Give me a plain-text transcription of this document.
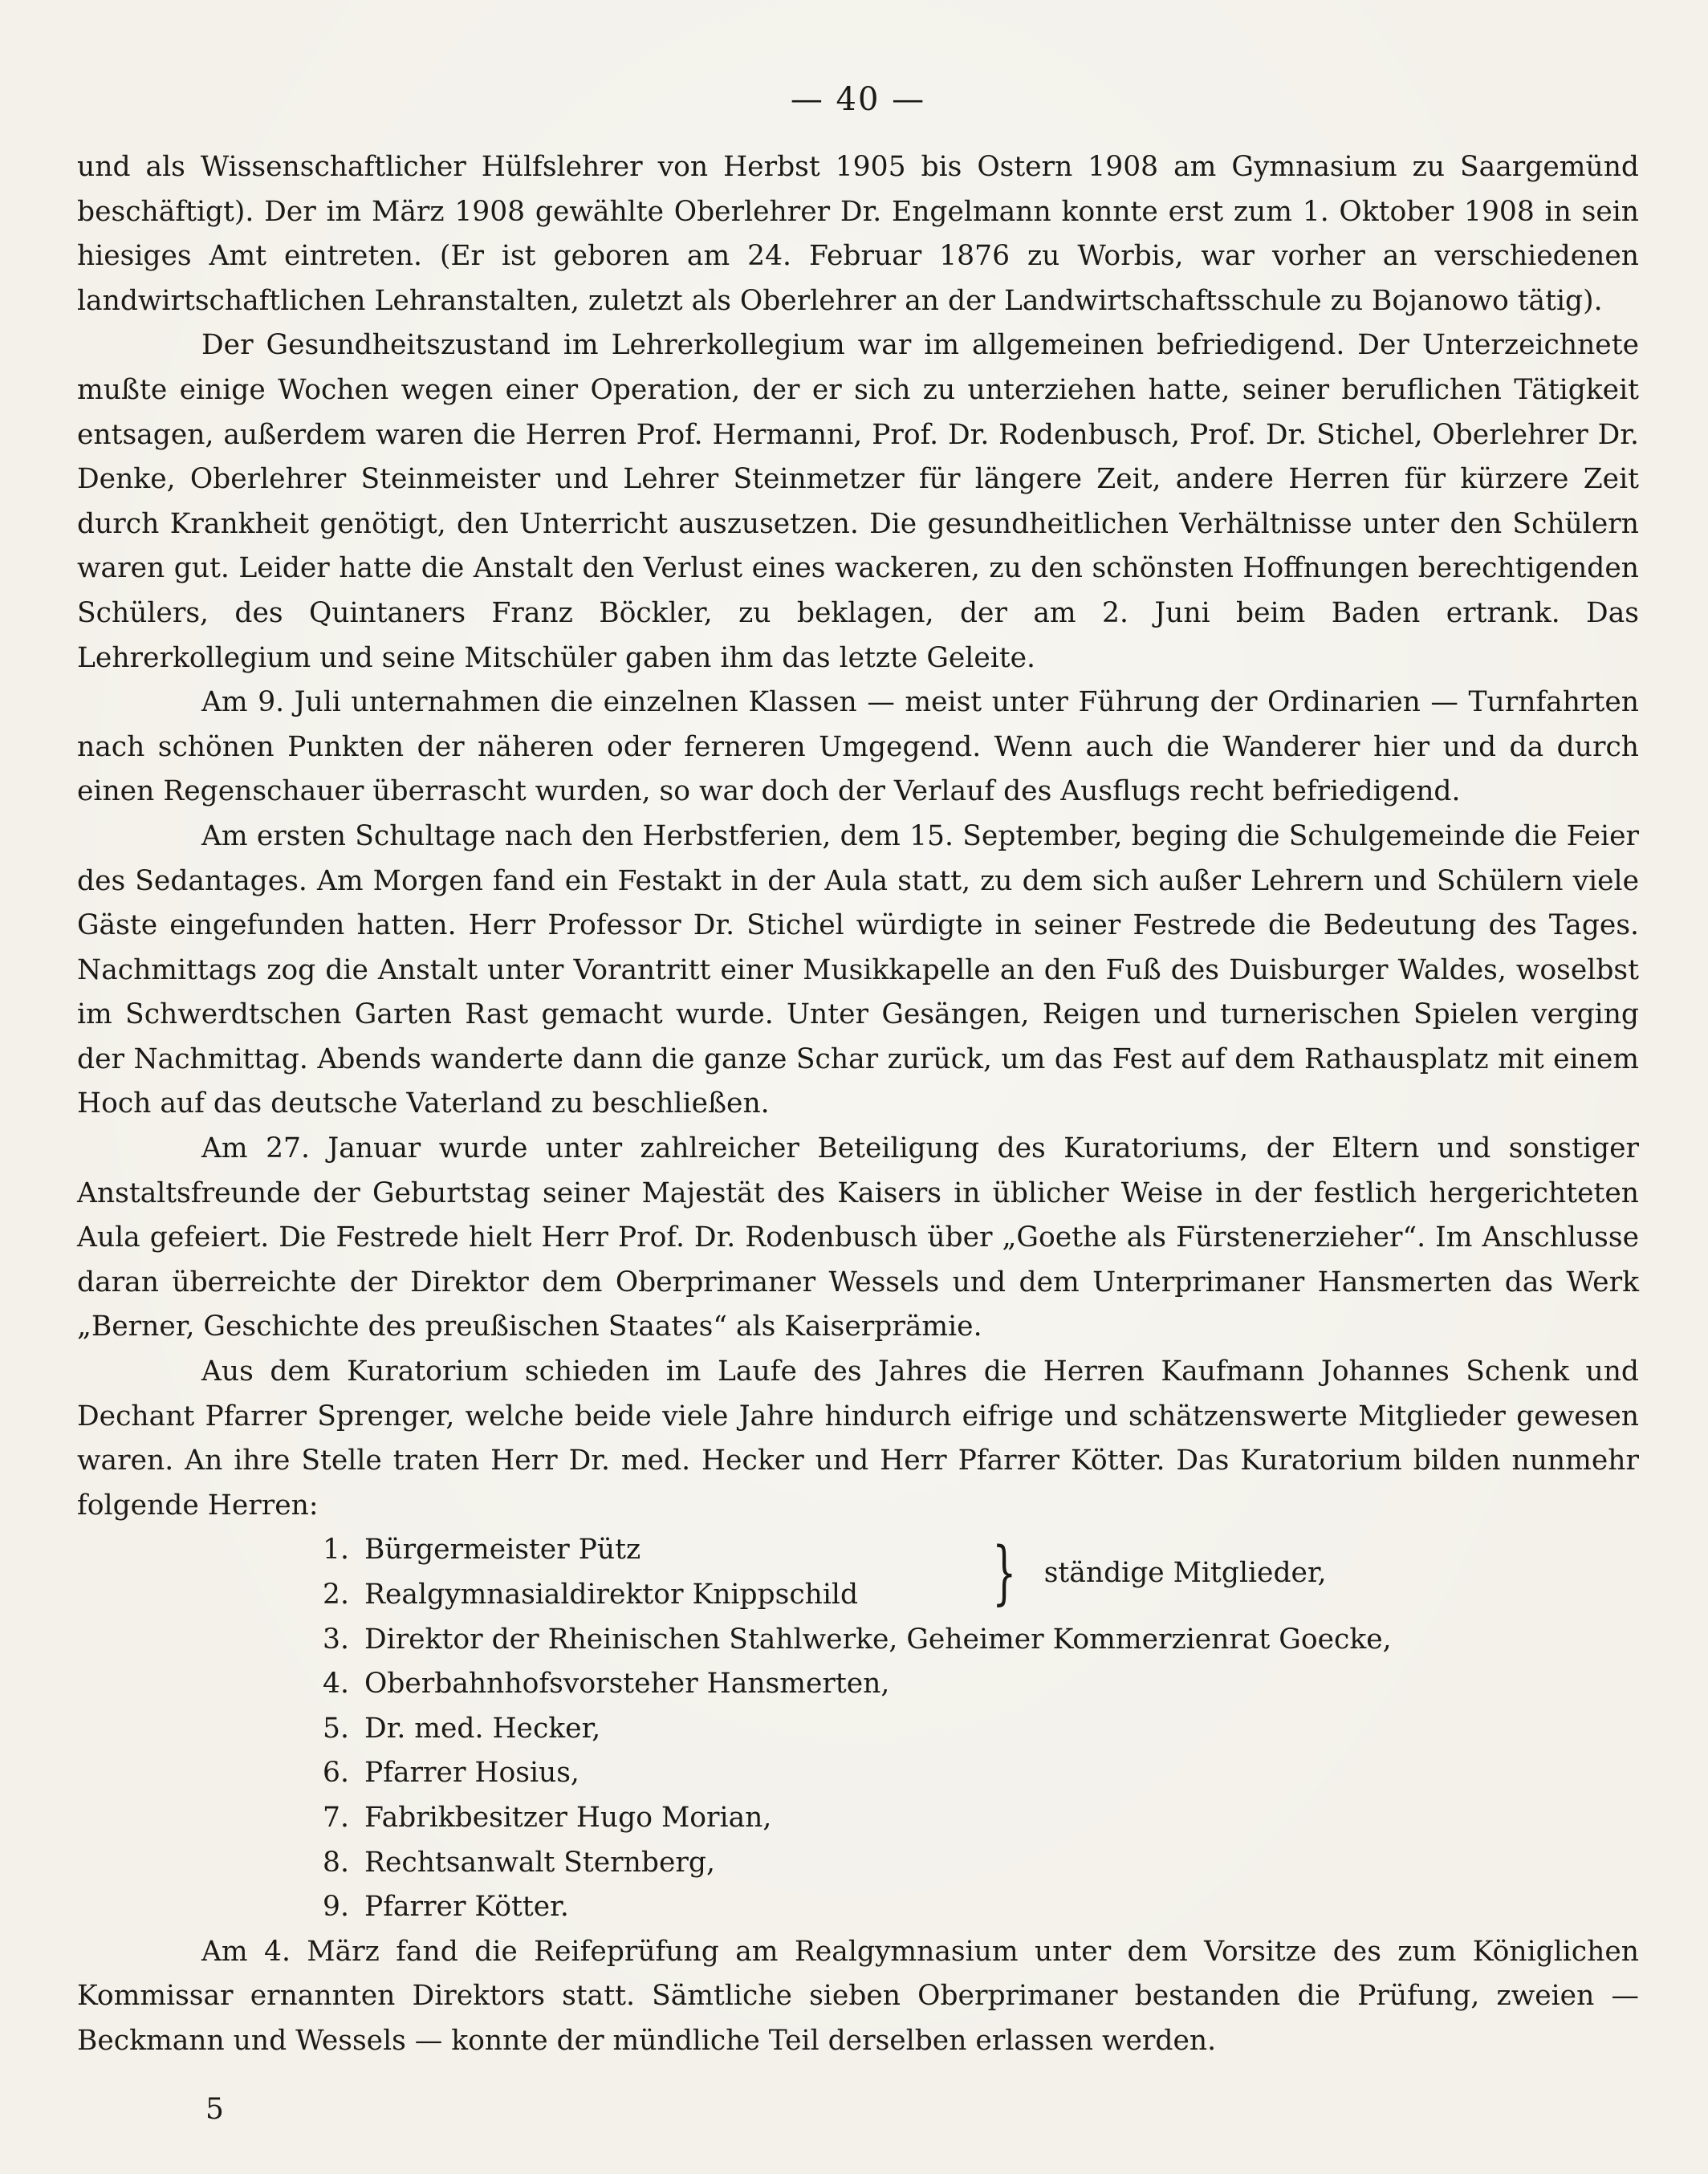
— 40 —

und als Wissenschaftlicher Hülfslehrer von Herbst 1905 bis Ostern 1908 am Gymnasium zu Saargemünd beschäftigt). Der im März 1908 gewählte Oberlehrer Dr. Engelmann konnte erst zum 1. Oktober 1908 in sein hiesiges Amt eintreten. (Er ist geboren am 24. Februar 1876 zu Worbis, war vorher an verschiedenen landwirtschaftlichen Lehranstalten, zuletzt als Oberlehrer an der Landwirtschaftsschule zu Bojanowo tätig).

Der Gesundheitszustand im Lehrerkollegium war im allgemeinen befriedigend. Der Unterzeichnete mußte einige Wochen wegen einer Operation, der er sich zu unterziehen hatte, seiner beruflichen Tätigkeit entsagen, außerdem waren die Herren Prof. Hermanni, Prof. Dr. Rodenbusch, Prof. Dr. Stichel, Oberlehrer Dr. Denke, Oberlehrer Steinmeister und Lehrer Steinmetzer für längere Zeit, andere Herren für kürzere Zeit durch Krankheit genötigt, den Unterricht auszusetzen. Die gesundheitlichen Verhältnisse unter den Schülern waren gut. Leider hatte die Anstalt den Verlust eines wackeren, zu den schönsten Hoffnungen berechtigenden Schülers, des Quintaners Franz Böckler, zu beklagen, der am 2. Juni beim Baden ertrank. Das Lehrerkollegium und seine Mitschüler gaben ihm das letzte Geleite.

Am 9. Juli unternahmen die einzelnen Klassen — meist unter Führung der Ordinarien — Turnfahrten nach schönen Punkten der näheren oder ferneren Umgegend. Wenn auch die Wanderer hier und da durch einen Regenschauer überrascht wurden, so war doch der Verlauf des Ausflugs recht befriedigend.

Am ersten Schultage nach den Herbstferien, dem 15. September, beging die Schulgemeinde die Feier des Sedantages. Am Morgen fand ein Festakt in der Aula statt, zu dem sich außer Lehrern und Schülern viele Gäste eingefunden hatten. Herr Professor Dr. Stichel würdigte in seiner Festrede die Bedeutung des Tages. Nachmittags zog die Anstalt unter Vorantritt einer Musikkapelle an den Fuß des Duisburger Waldes, woselbst im Schwerdtschen Garten Rast gemacht wurde. Unter Gesängen, Reigen und turnerischen Spielen verging der Nachmittag. Abends wanderte dann die ganze Schar zurück, um das Fest auf dem Rathausplatz mit einem Hoch auf das deutsche Vaterland zu beschließen.

Am 27. Januar wurde unter zahlreicher Beteiligung des Kuratoriums, der Eltern und sonstiger Anstaltsfreunde der Geburtstag seiner Majestät des Kaisers in üblicher Weise in der festlich hergerichteten Aula gefeiert. Die Festrede hielt Herr Prof. Dr. Rodenbusch über „Goethe als Fürstenerzieher“. Im Anschlusse daran überreichte der Direktor dem Oberprimaner Wessels und dem Unterprimaner Hansmerten das Werk „Berner, Geschichte des preußischen Staates“ als Kaiserprämie.

Aus dem Kuratorium schieden im Laufe des Jahres die Herren Kaufmann Johannes Schenk und Dechant Pfarrer Sprenger, welche beide viele Jahre hindurch eifrige und schätzenswerte Mitglieder gewesen waren. An ihre Stelle traten Herr Dr. med. Hecker und Herr Pfarrer Kötter. Das Kuratorium bilden nunmehr folgende Herren:

1. Bürgermeister Pütz
2. Realgymnasialdirektor Knippschild
3. Direktor der Rheinischen Stahlwerke, Geheimer Kommerzienrat Goecke,
4. Oberbahnhofsvorsteher Hansmerten,
5. Dr. med. Hecker,
6. Pfarrer Hosius,
7. Fabrikbesitzer Hugo Morian,
8. Rechtsanwalt Sternberg,
9. Pfarrer Kötter.
} ständige Mitglieder,

Am 4. März fand die Reifeprüfung am Realgymnasium unter dem Vorsitze des zum Königlichen Kommissar ernannten Direktors statt. Sämtliche sieben Oberprimaner bestanden die Prüfung, zweien — Beckmann und Wessels — konnte der mündliche Teil derselben erlassen werden.

5
